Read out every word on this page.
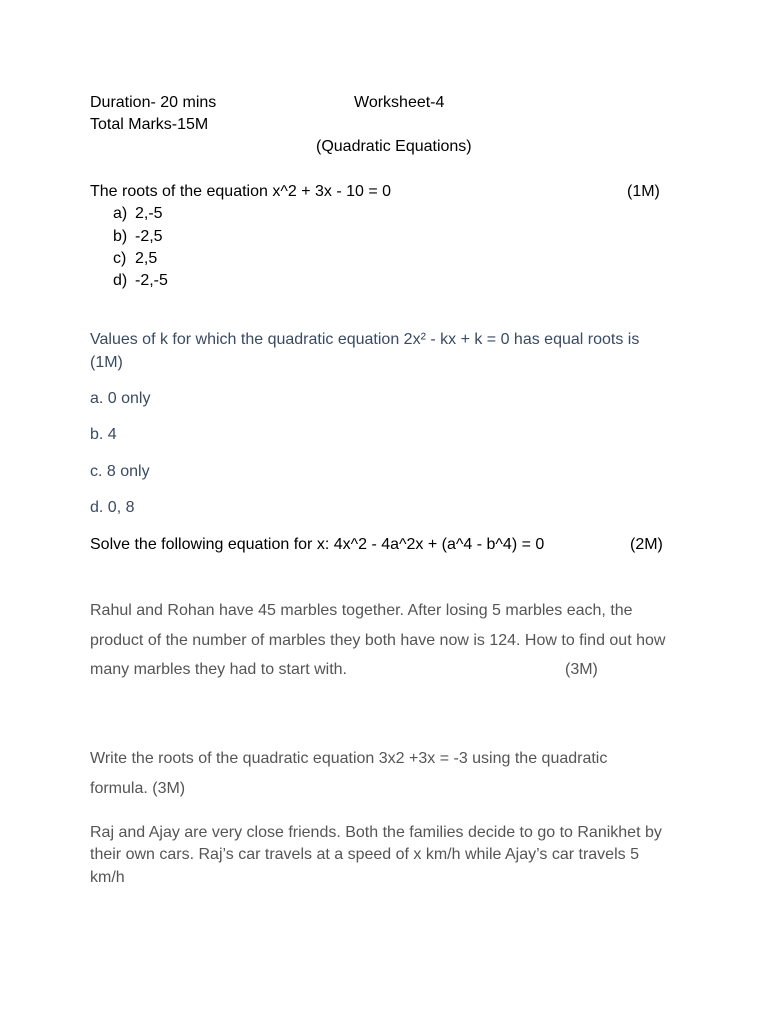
Duration- 20 mins	Worksheet-4
Total Marks-15M
(Quadratic Equations)
The roots of the equation x^2 + 3x - 10 = 0	(1M)
a) 2,-5
b) -2,5
c) 2,5
d) -2,-5
Values of k for which the quadratic equation 2x² - kx + k = 0 has equal roots is
(1M)
a. 0 only
b. 4
c. 8 only
d. 0, 8
Solve the following equation for x: 4x^2 - 4a^2x + (a^4 - b^4) = 0	(2M)
Rahul and Rohan have 45 marbles together. After losing 5 marbles each, the
product of the number of marbles they both have now is 124. How to find out how
many marbles they had to start with.	(3M)
Write the roots of the quadratic equation 3x2 +3x = -3 using the quadratic
formula. (3M)
Raj and Ajay are very close friends. Both the families decide to go to Ranikhet by
their own cars. Raj’s car travels at a speed of x km/h while Ajay’s car travels 5
km/h
